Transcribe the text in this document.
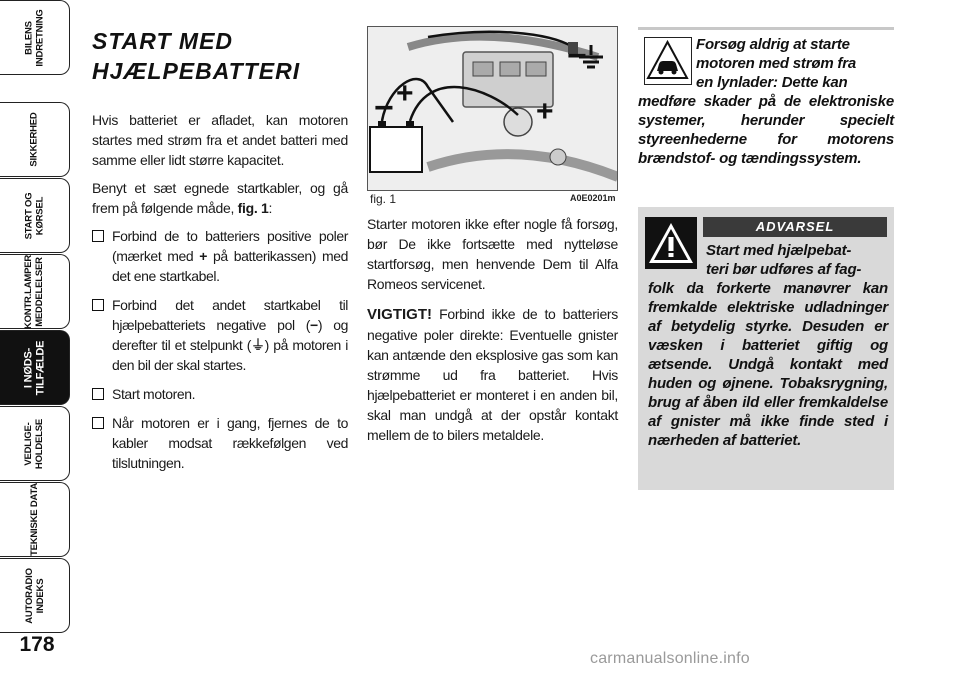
BILENS
INDRETNING
SIKKERHED
START OG
KØRSEL
KONTR.LAMPER
MEDDELELSER
I NØDS-
TILFÆLDE
VEDLIGE-
HOLDELSE
TEKNISKE DATA
AUTORADIO
INDEKS
178
START MED
HJÆLPEBATTERI

Hvis batteriet er afladet, kan motoren startes med strøm fra et andet batteri med samme eller lidt større kapacitet.

Benyt et sæt egnede startkabler, og gå frem på følgende måde, fig. 1:

Forbind de to batteriers positive poler (mærket med + på batterikassen) med det ene startkabel.
Forbind det andet startkabel til hjælpebatteriets negative pol (−) og derefter til et stelpunkt (⏚) på motoren i den bil der skal startes.
Start motoren.
Når motoren er i gang, fjernes de to kabler modsat rækkefølgen ved tilslutningen.
− +
+
−
fig. 1	A0E0201m

Starter motoren ikke efter nogle få forsøg, bør De ikke fortsætte med nytteløse startforsøg, men henvende Dem til Alfa Romeos servicenet.

VIGTIGT! Forbind ikke de to batteriers negative poler direkte: Eventuelle gnister kan antænde den eksplosive gas som kan strømme ud fra batteriet. Hvis hjælpebatteriet er monteret i en anden bil, skal man undgå at der opstår kontakt mellem de to bilers metaldele.

Forsøg aldrig at starte
motoren med strøm fra
en lynlader: Dette kan
medføre skader på de elektroniske systemer, herunder specielt styreenhederne for motorens brændstof- og tændingssystem.
ADVARSEL
Start med hjælpebat-
teri bør udføres af fag-
folk da forkerte manøvrer kan fremkalde elektriske udladninger af betydelig styrke. Desuden er væsken i batteriet giftig og ætsende. Undgå kontakt med huden og øjnene. Tobaksrygning, brug af åben ild eller fremkaldelse af gnister må ikke finde sted i nærheden af batteriet.
carmanualsonline.info
